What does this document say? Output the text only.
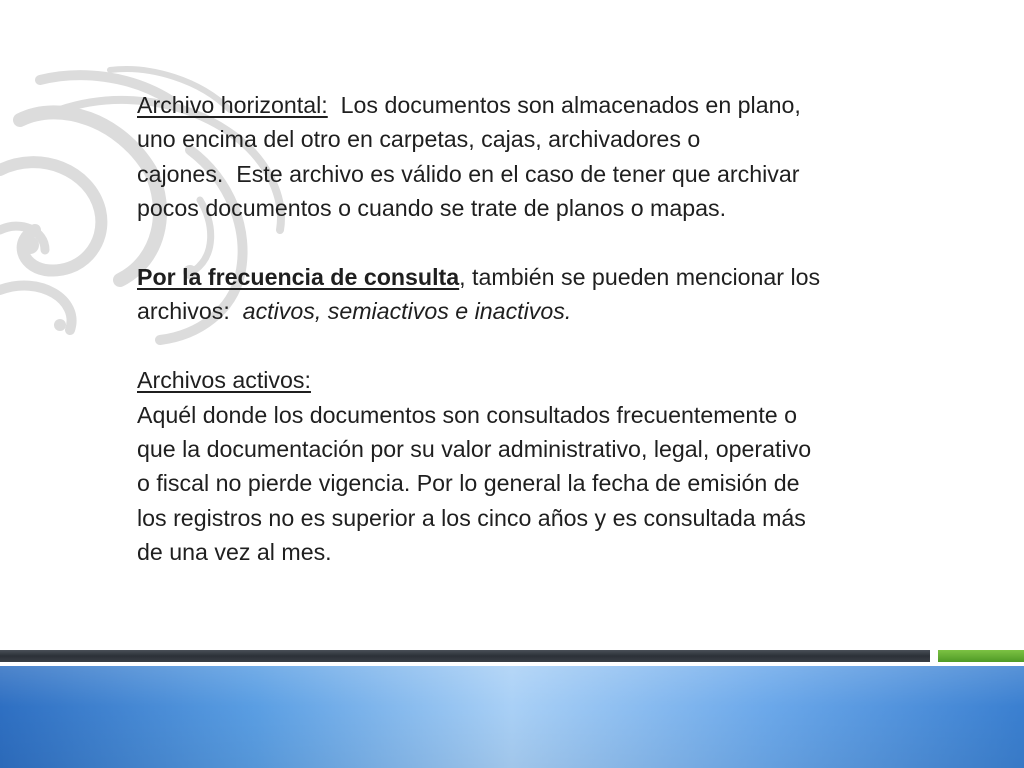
Archivo horizontal:  Los documentos son almacenados en plano,
uno encima del otro en carpetas, cajas, archivadores o
cajones.  Este archivo es válido en el caso de tener que archivar
pocos documentos o cuando se trate de planos o mapas.

Por la frecuencia de consulta, también se pueden mencionar los
archivos:  activos, semiactivos e inactivos.

Archivos activos:
Aquél donde los documentos son consultados frecuentemente o
que la documentación por su valor administrativo, legal, operativo
o fiscal no pierde vigencia. Por lo general la fecha de emisión de
los registros no es superior a los cinco años y es consultada más
de una vez al mes.
